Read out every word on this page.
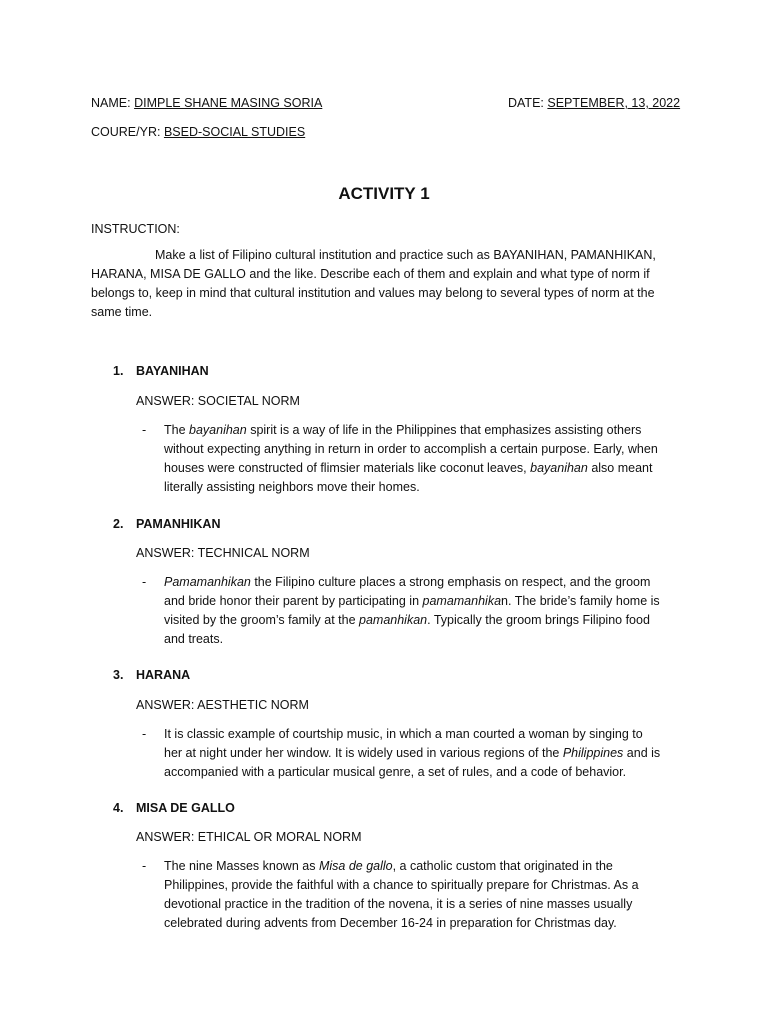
NAME: DIMPLE SHANE MASING SORIA	DATE: SEPTEMBER, 13, 2022
COURE/YR: BSED-SOCIAL STUDIES
ACTIVITY 1
INSTRUCTION:
Make a list of Filipino cultural institution and practice such as BAYANIHAN, PAMANHIKAN, HARANA, MISA DE GALLO and the like. Describe each of them and explain and what type of norm if belongs to, keep in mind that cultural institution and values may belong to several types of norm at the same time.
1. BAYANIHAN
ANSWER: SOCIETAL NORM
- The bayanihan spirit is a way of life in the Philippines that emphasizes assisting others without expecting anything in return in order to accomplish a certain purpose. Early, when houses were constructed of flimsier materials like coconut leaves, bayanihan also meant literally assisting neighbors move their homes.
2. PAMANHIKAN
ANSWER: TECHNICAL NORM
- Pamamanhikan the Filipino culture places a strong emphasis on respect, and the groom and bride honor their parent by participating in pamamanhikan. The bride’s family home is visited by the groom’s family at the pamanhikan. Typically the groom brings Filipino food and treats.
3. HARANA
ANSWER: AESTHETIC NORM
- It is classic example of courtship music, in which a man courted a woman by singing to her at night under her window. It is widely used in various regions of the Philippines and is accompanied with a particular musical genre, a set of rules, and a code of behavior.
4. MISA DE GALLO
ANSWER: ETHICAL OR MORAL NORM
- The nine Masses known as Misa de gallo, a catholic custom that originated in the Philippines, provide the faithful with a chance to spiritually prepare for Christmas. As a devotional practice in the tradition of the novena, it is a series of nine masses usually celebrated during advents from December 16-24 in preparation for Christmas day.
